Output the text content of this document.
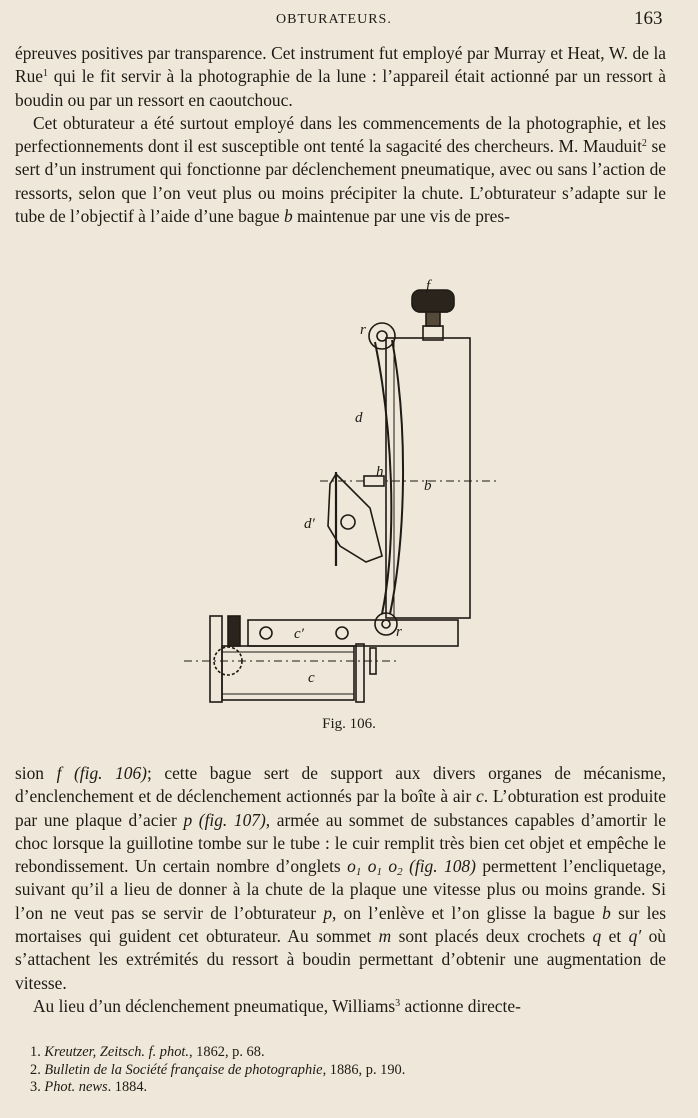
OBTURATEURS.	163

épreuves positives par transparence. Cet instrument fut employé par Murray et Heat, W. de la Rue$^1$ qui le fit servir à la photographie de la lune : l’appareil était actionné par un ressort à boudin ou par un ressort en caoutchouc.

Cet obturateur a été surtout employé dans les commencements de la photographie, et les perfectionnements dont il est susceptible ont tenté la sagacité des chercheurs. M. Mauduit$^2$ se sert d’un instrument qui fonctionne par déclenchement pneumatique, avec ou sans l’action de ressorts, selon que l’on veut plus ou moins précipiter la chute. L’obturateur s’adapte sur le tube de l’objectif à l’aide d’une bague b maintenue par une vis de pres-

f
r
d
h
b
d′
c′	r
c
Fig. 106.

sion f (fig. 106); cette bague sert de support aux divers organes de mécanisme, d’enclenchement et de déclenchement actionnés par la boîte à air c. L’obturation est produite par une plaque d’acier p (fig. 107), armée au sommet de substances capables d’amortir le choc lorsque la guillotine tombe sur le tube : le cuir remplit très bien cet objet et empêche le rebondissement. Un certain nombre d’onglets $o_1$ $o_1$ $o_2$ (fig. 108) permettent l’encliquetage, suivant qu’il a lieu de donner à la chute de la plaque une vitesse plus ou moins grande. Si l’on ne veut pas se servir de l’obturateur p, on l’enlève et l’on glisse la bague b sur les mortaises qui guident cet obturateur. Au sommet m sont placés deux crochets q et q′ où s’attachent les extrémités du ressort à boudin permettant d’obtenir une augmentation de vitesse.

Au lieu d’un déclenchement pneumatique, Williams$^3$ actionne directe-

1. Kreutzer, Zeitsch. f. phot., 1862, p. 68.
2. Bulletin de la Société française de photographie, 1886, p. 190.
3. Phot. news. 1884.
